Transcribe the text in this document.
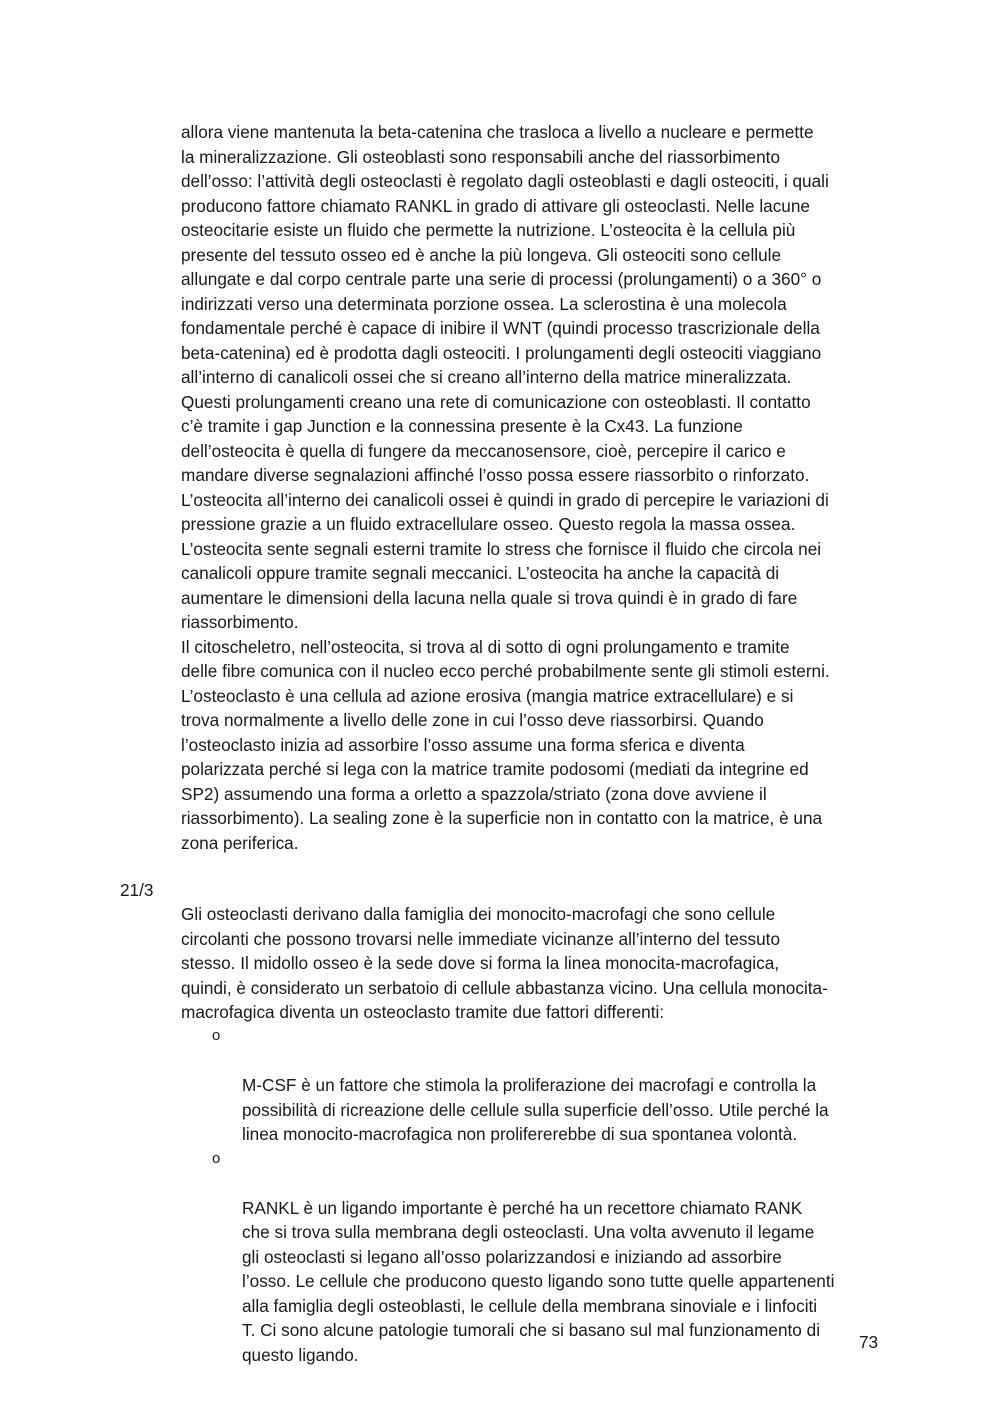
allora viene mantenuta la beta-catenina che trasloca a livello a nucleare e permette
la mineralizzazione. Gli osteoblasti sono responsabili anche del riassorbimento
dell’osso: l’attività degli osteoclasti è regolato dagli osteoblasti e dagli osteociti, i quali
producono fattore chiamato RANKL in grado di attivare gli osteoclasti. Nelle lacune
osteocitarie esiste un fluido che permette la nutrizione. L’osteocita è la cellula più
presente del tessuto osseo ed è anche la più longeva. Gli osteociti sono cellule
allungate e dal corpo centrale parte una serie di processi (prolungamenti) o a 360° o
indirizzati verso una determinata porzione ossea. La sclerostina è una molecola
fondamentale perché è capace di inibire il WNT (quindi processo trascrizionale della
beta-catenina) ed è prodotta dagli osteociti. I prolungamenti degli osteociti viaggiano
all’interno di canalicoli ossei che si creano all’interno della matrice mineralizzata.
Questi prolungamenti creano una rete di comunicazione con osteoblasti. Il contatto
c’è tramite i gap Junction e la connessina presente è la Cx43. La funzione
dell’osteocita è quella di fungere da meccanosensore, cioè, percepire il carico e
mandare diverse segnalazioni affinché l’osso possa essere riassorbito o rinforzato.
L’osteocita all’interno dei canalicoli ossei è quindi in grado di percepire le variazioni di
pressione grazie a un fluido extracellulare osseo. Questo regola la massa ossea.
L’osteocita sente segnali esterni tramite lo stress che fornisce il fluido che circola nei
canalicoli oppure tramite segnali meccanici. L’osteocita ha anche la capacità di
aumentare le dimensioni della lacuna nella quale si trova quindi è in grado di fare
riassorbimento.
Il citoscheletro, nell’osteocita, si trova al di sotto di ogni prolungamento e tramite
delle fibre comunica con il nucleo ecco perché probabilmente sente gli stimoli esterni.
L’osteoclasto è una cellula ad azione erosiva (mangia matrice extracellulare) e si
trova normalmente a livello delle zone in cui l’osso deve riassorbirsi. Quando
l’osteoclasto inizia ad assorbire l’osso assume una forma sferica e diventa
polarizzata perché si lega con la matrice tramite podosomi (mediati da integrine ed
SP2) assumendo una forma a orletto a spazzola/striato (zona dove avviene il
riassorbimento). La sealing zone è la superficie non in contatto con la matrice, è una
zona periferica.

21/3

Gli osteoclasti derivano dalla famiglia dei monocito-macrofagi che sono cellule
circolanti che possono trovarsi nelle immediate vicinanze all’interno del tessuto
stesso. Il midollo osseo è la sede dove si forma la linea monocita-macrofagica,
quindi, è considerato un serbatoio di cellule abbastanza vicino. Una cellula monocita-
macrofagica diventa un osteoclasto tramite due fattori differenti:

o

M-CSF è un fattore che stimola la proliferazione dei macrofagi e controlla la
possibilità di ricreazione delle cellule sulla superficie dell’osso. Utile perché la
linea monocito-macrofagica non prolifererebbe di sua spontanea volontà.

o

RANKL è un ligando importante è perché ha un recettore chiamato RANK
che si trova sulla membrana degli osteoclasti. Una volta avvenuto il legame
gli osteoclasti si legano all’osso polarizzandosi e iniziando ad assorbire
l’osso. Le cellule che producono questo ligando sono tutte quelle appartenenti
alla famiglia degli osteoblasti, le cellule della membrana sinoviale e i linfociti
T. Ci sono alcune patologie tumorali che si basano sul mal funzionamento di
questo ligando.

73
